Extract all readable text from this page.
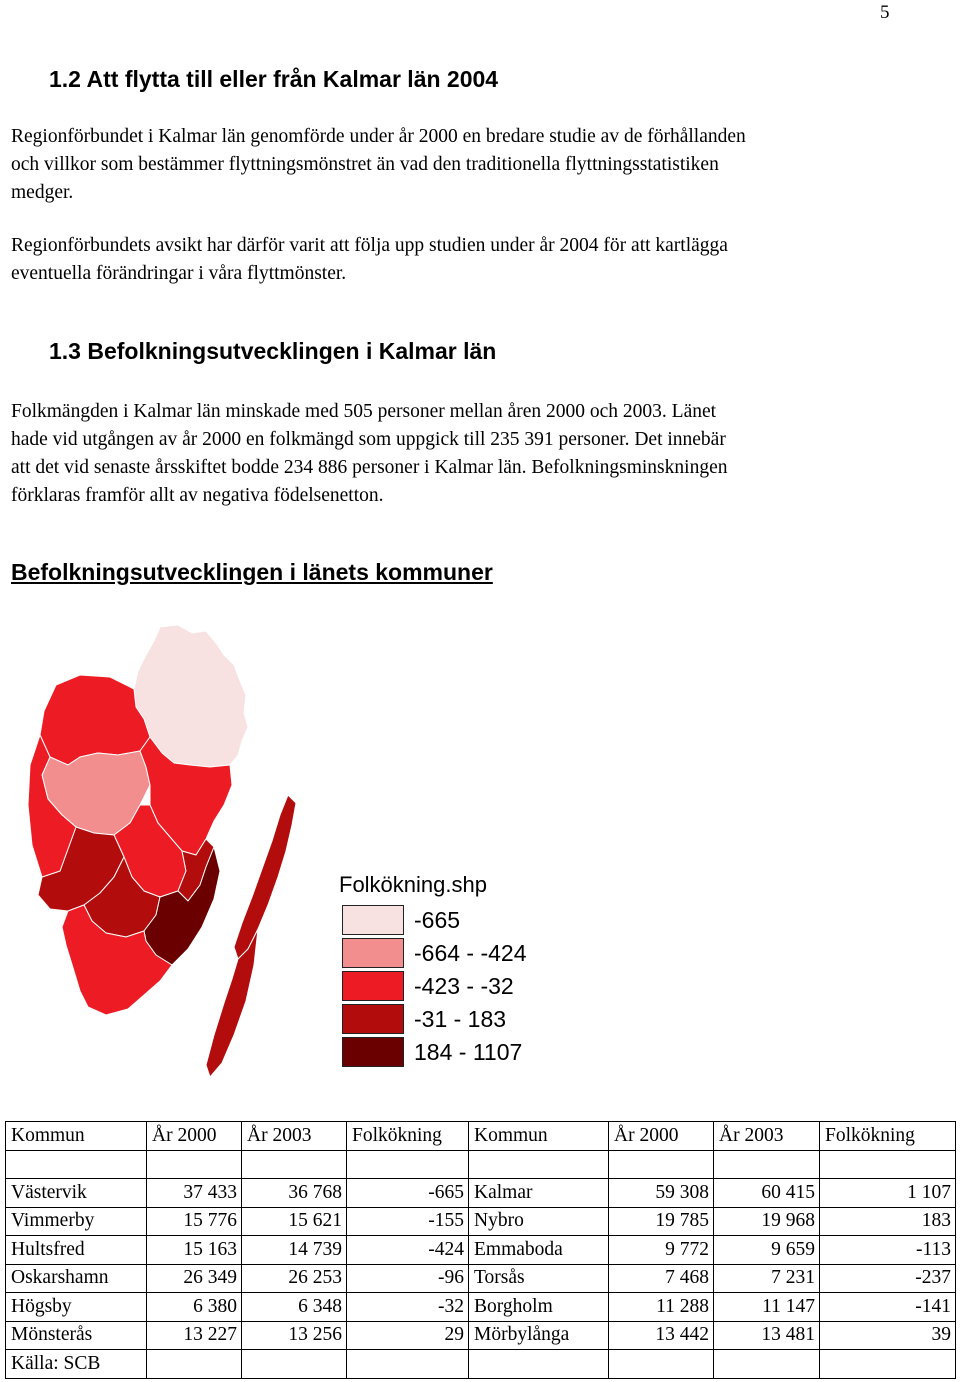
5
1.2 Att flytta till eller från Kalmar län 2004
Regionförbundet i Kalmar län genomförde under år 2000 en bredare studie av de förhållanden
och villkor som bestämmer flyttningsmönstret än vad den traditionella flyttningsstatistiken
medger.
Regionförbundets avsikt har därför varit att följa upp studien under år 2004 för att kartlägga
eventuella förändringar i våra flyttmönster.
1.3 Befolkningsutvecklingen i Kalmar län
Folkmängden i Kalmar län minskade med 505 personer mellan åren 2000 och 2003. Länet
hade vid utgången av år 2000 en folkmängd som uppgick till 235 391 personer. Det innebär
att det vid senaste årsskiftet bodde 234 886 personer i Kalmar län. Befolkningsminskningen
förklaras framför allt av negativa födelsenetton.
Befolkningsutvecklingen i länets kommuner
Folkökning.shp
-665
-664 - -424
-423 - -32
-31 - 183
184 - 1107
Kommun	År 2000	År 2003	Folkökning	Kommun	År 2000	År 2003	Folkökning

Västervik	37 433	36 768	-665	Kalmar	59 308	60 415	1 107
Vimmerby	15 776	15 621	-155	Nybro	19 785	19 968	183
Hultsfred	15 163	14 739	-424	Emmaboda	9 772	9 659	-113
Oskarshamn	26 349	26 253	-96	Torsås	7 468	7 231	-237
Högsby	6 380	6 348	-32	Borgholm	11 288	11 147	-141
Mönsterås	13 227	13 256	29	Mörbylånga	13 442	13 481	39
Källa: SCB							
